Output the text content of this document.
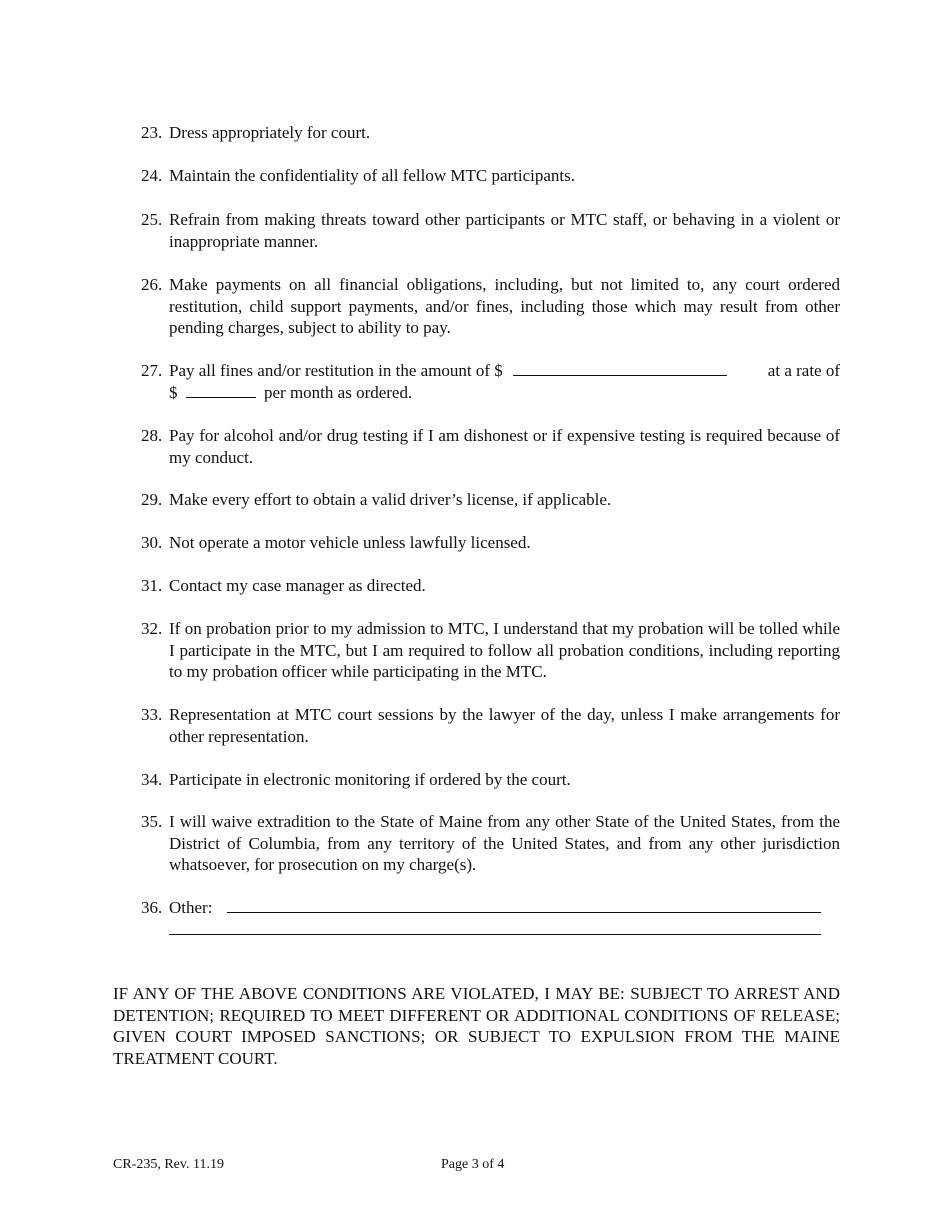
23. Dress appropriately for court.
24. Maintain the confidentiality of all fellow MTC participants.
25. Refrain from making threats toward other participants or MTC staff, or behaving in a violent or inappropriate manner.
26. Make payments on all financial obligations, including, but not limited to, any court ordered restitution, child support payments, and/or fines, including those which may result from other pending charges, subject to ability to pay.
27. Pay all fines and/or restitution in the amount of $	at a rate of
$	per month as ordered.
28. Pay for alcohol and/or drug testing if I am dishonest or if expensive testing is required because of my conduct.
29. Make every effort to obtain a valid driver’s license, if applicable.
30. Not operate a motor vehicle unless lawfully licensed.
31. Contact my case manager as directed.
32. If on probation prior to my admission to MTC, I understand that my probation will be tolled while I participate in the MTC, but I am required to follow all probation conditions, including reporting to my probation officer while participating in the MTC.
33. Representation at MTC court sessions by the lawyer of the day, unless I make arrangements for other representation.
34. Participate in electronic monitoring if ordered by the court.
35. I will waive extradition to the State of Maine from any other State of the United States, from the District of Columbia, from any territory of the United States, and from any other jurisdiction whatsoever, for prosecution on my charge(s).
36. Other:
IF ANY OF THE ABOVE CONDITIONS ARE VIOLATED, I MAY BE: SUBJECT TO ARREST AND DETENTION; REQUIRED TO MEET DIFFERENT OR ADDITIONAL CONDITIONS OF RELEASE; GIVEN COURT IMPOSED SANCTIONS; OR SUBJECT TO EXPULSION FROM THE MAINE TREATMENT COURT.
CR-235, Rev. 11.19	Page 3 of 4
